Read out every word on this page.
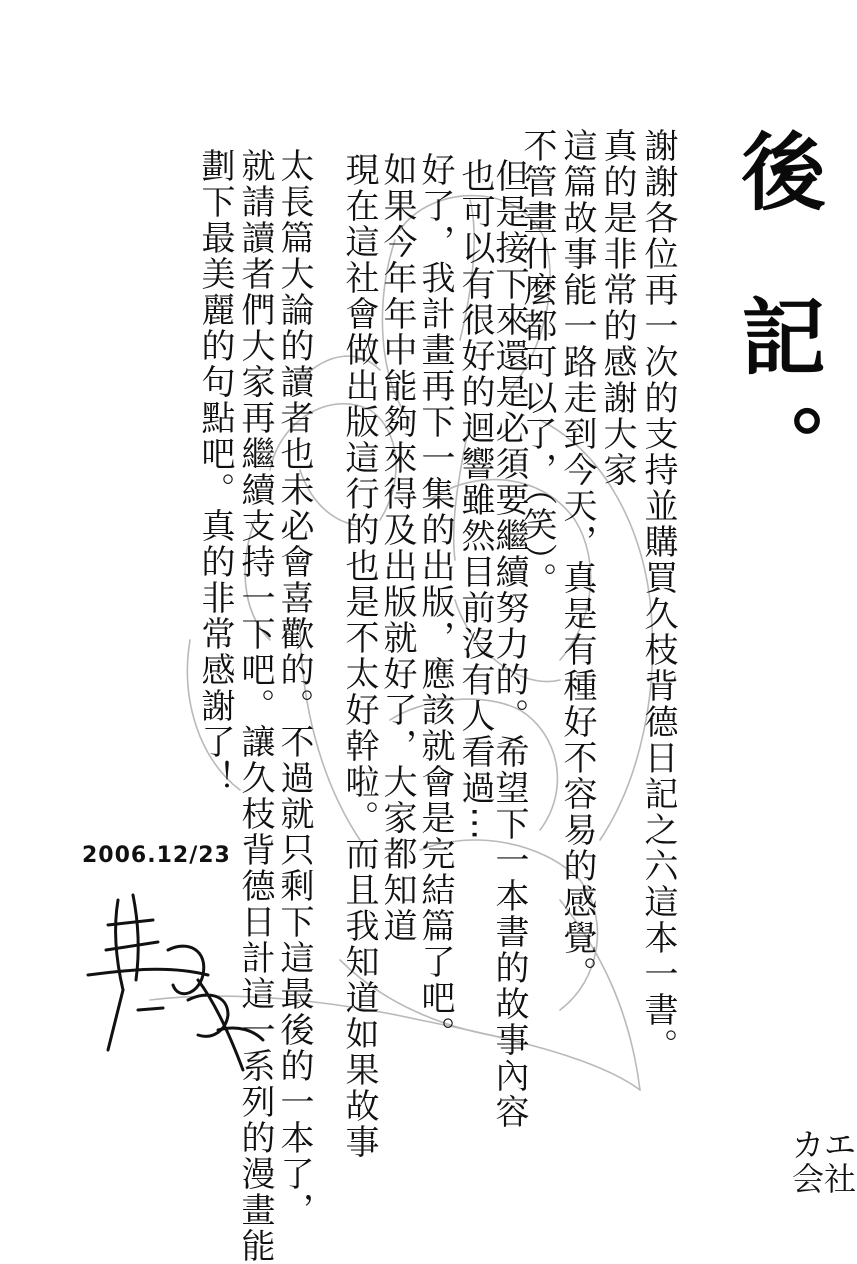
後 記。
謝謝各位再一次的支持並購買久枝背德日記之六這本一書。
真的是非常的感謝大家
這篇故事能一路走到今天，真是有種好不容易的感覺。
不管畫什麼都可以了，（笑）。
但是接下來還是必須要繼續努力的。希望下一本書的故事內容
也可以有很好的迴響雖然目前沒有人看過⋯
好了，我計畫再下一集的出版，應該就會是完結篇了吧。
如果今年年中能夠來得及出版就好了，大家都知道
現在這社會做出版這行的也是不太好幹啦。而且我知道如果故事
太長篇大論的讀者也未必會喜歡的。不過就只剩下這最後的一本了，
就請讀者們大家再繼續支持一下吧。讓久枝背德日計這一系列的漫畫能
劃下最美麗的句點吧。真的非常感謝了！
2006.12/23
カエ
会社
